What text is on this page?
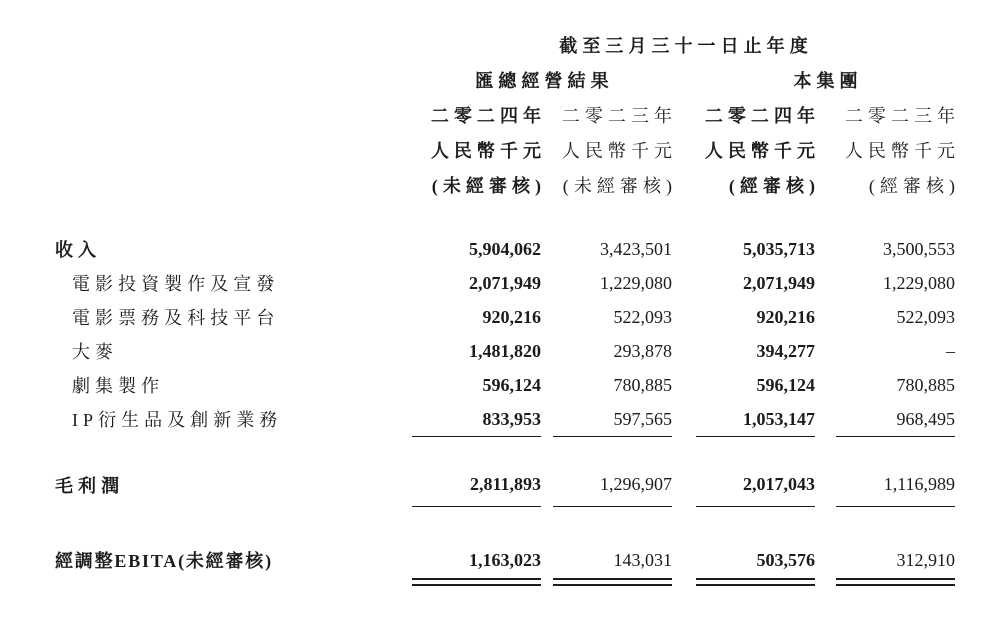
	截至三月三十一日止年度						
	匯總經營結果				本集團		
	二零二四年		二零二三年		二零二四年		二零二三年
	人民幣千元		人民幣千元		人民幣千元		人民幣千元
	(未經審核)		(未經審核)		(經審核)		(經審核)

收入	5,904,062		3,423,501		5,035,713		3,500,553
電影投資製作及宣發	2,071,949		1,229,080		2,071,949		1,229,080
電影票務及科技平台	920,216		522,093		920,216		522,093
大麥	1,481,820		293,878		394,277		–
劇集製作	596,124		780,885		596,124		780,885
IP衍生品及創新業務	833,953		597,565		1,053,147		968,495

毛利潤	2,811,893		1,296,907		2,017,043		1,116,989

經調整EBITA(未經審核)	1,163,023		143,031		503,576		312,910
